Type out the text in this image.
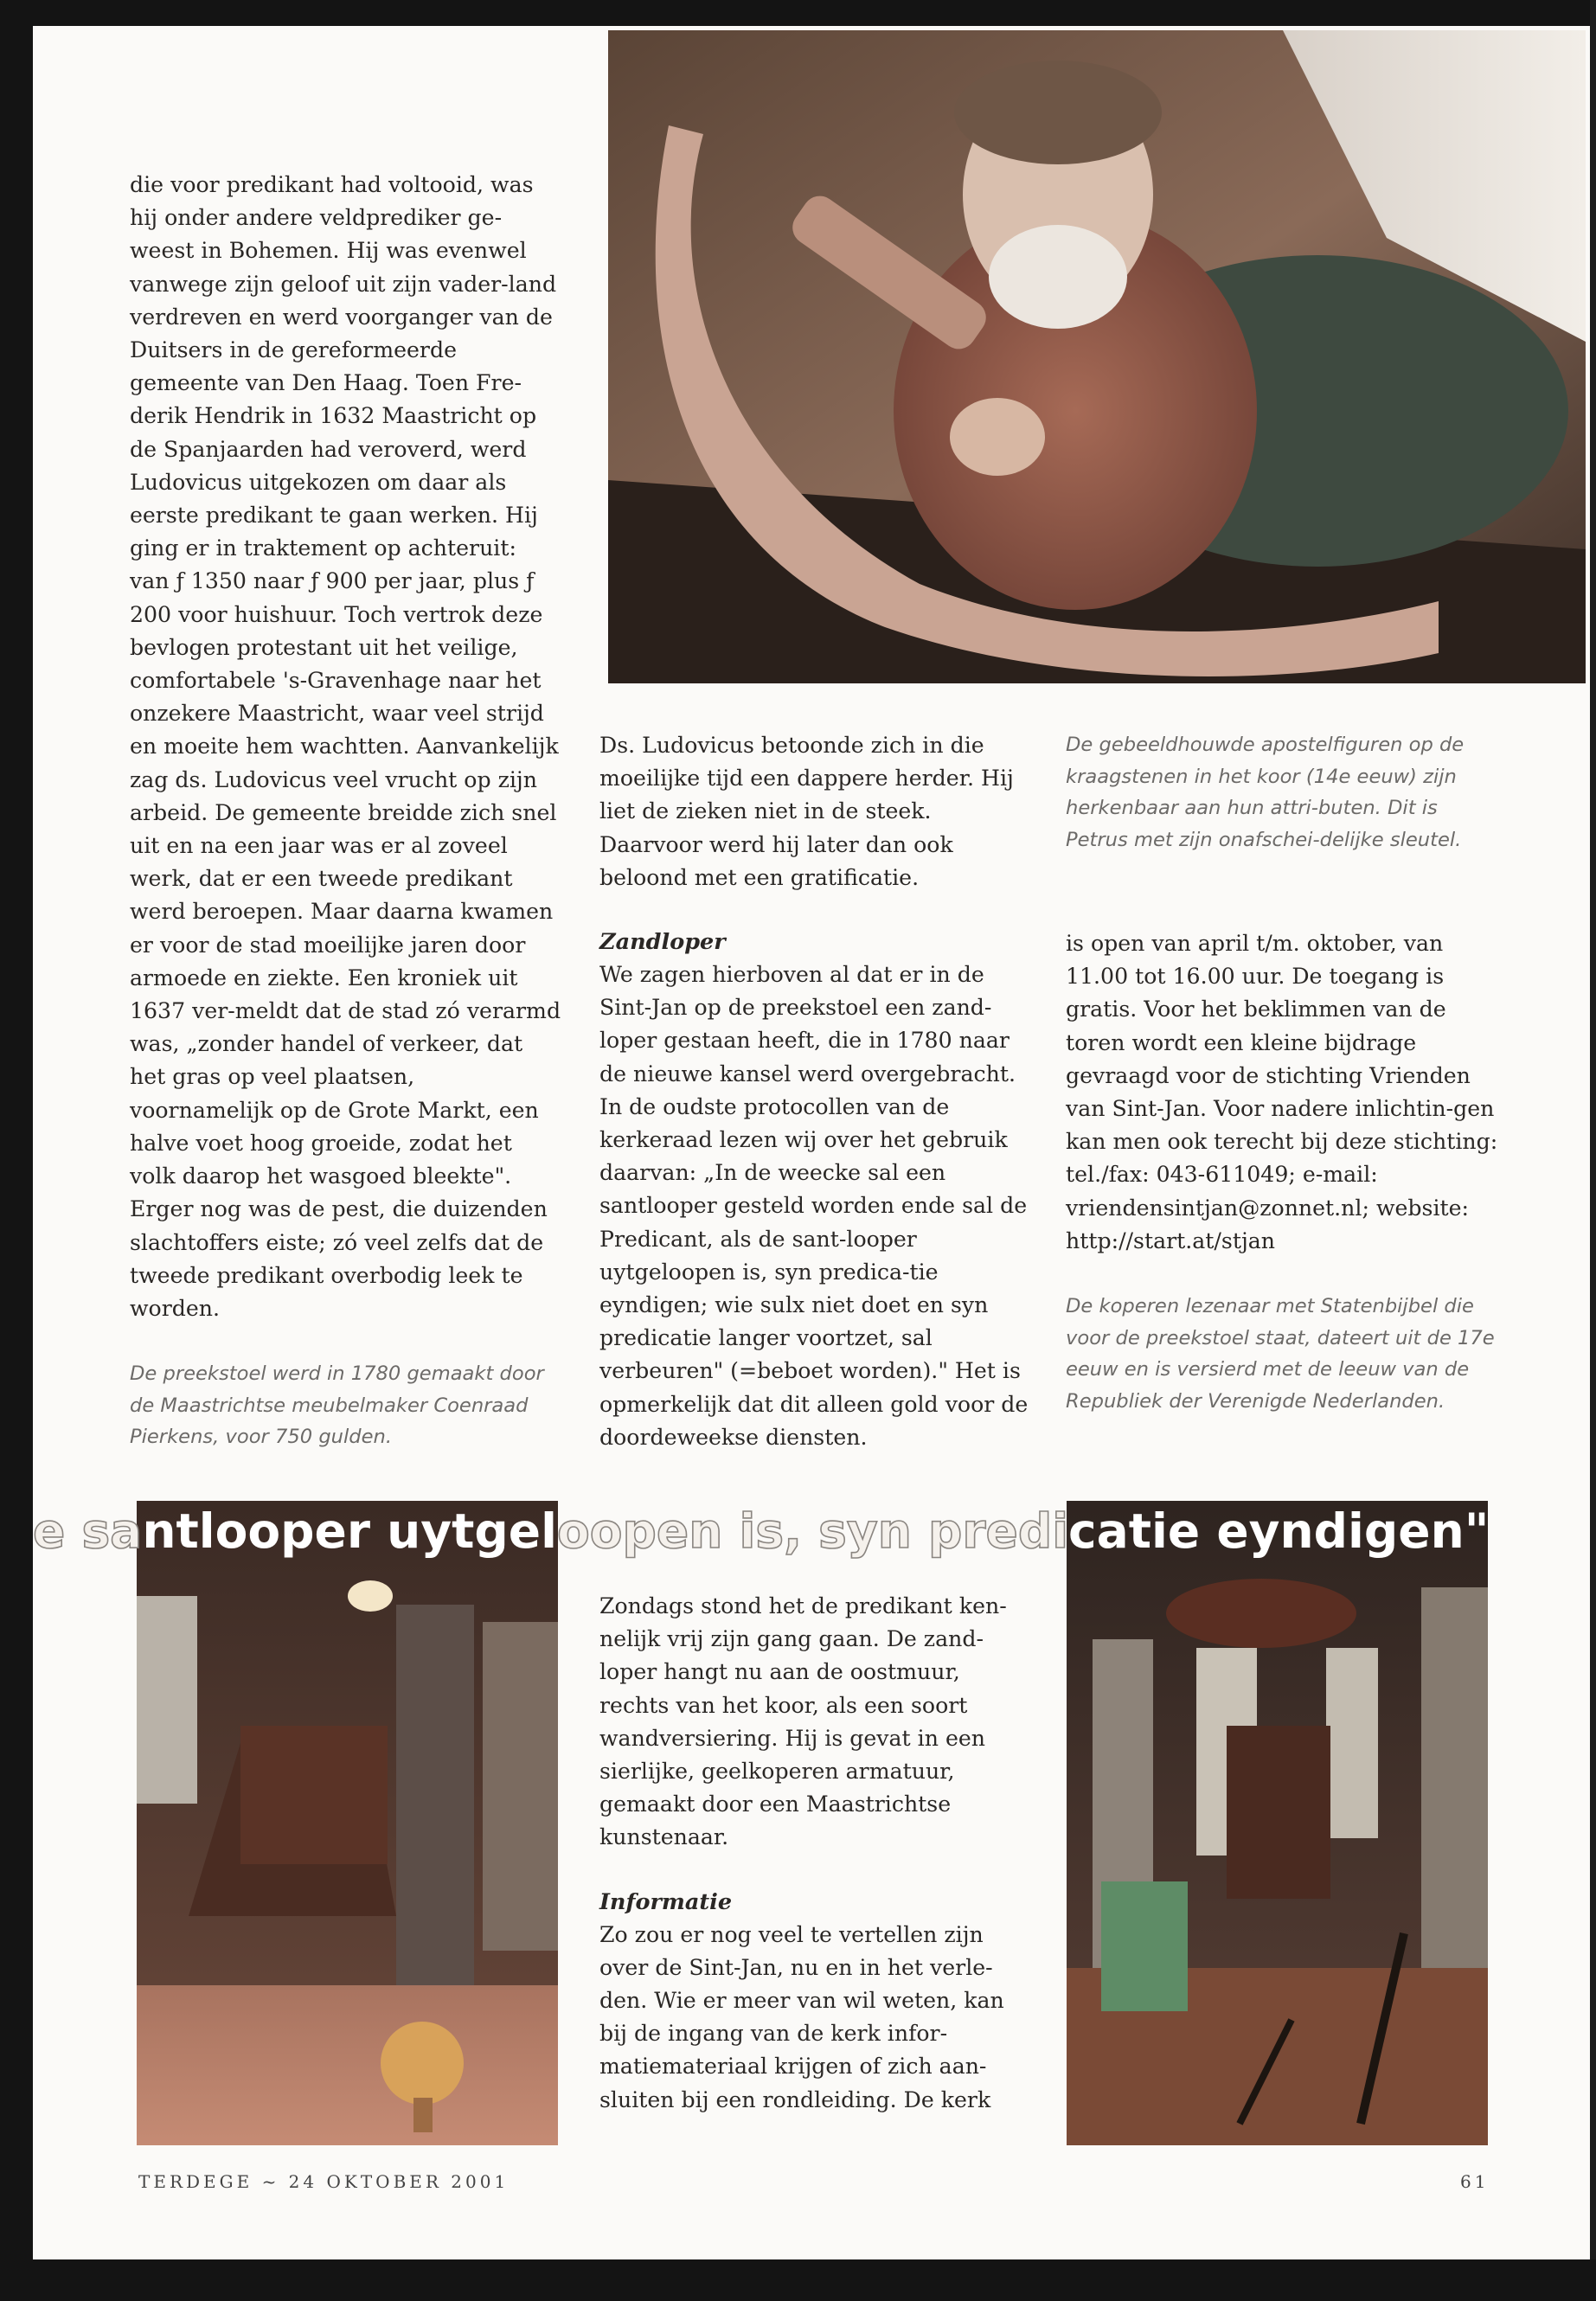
die voor predikant had voltooid, was hij onder andere veldprediker ge-weest in Bohemen. Hij was evenwel vanwege zijn geloof uit zijn vader-land verdreven en werd voorganger van de Duitsers in de gereformeerde gemeente van Den Haag. Toen Fre-derik Hendrik in 1632 Maastricht op de Spanjaarden had veroverd, werd Ludovicus uitgekozen om daar als eerste predikant te gaan werken. Hij ging er in traktement op achteruit: van ƒ 1350 naar ƒ 900 per jaar, plus ƒ 200 voor huishuur. Toch vertrok deze bevlogen protestant uit het veilige, comfortabele 's-Gravenhage naar het onzekere Maastricht, waar veel strijd en moeite hem wachtten. Aanvankelijk zag ds. Ludovicus veel vrucht op zijn arbeid. De gemeente breidde zich snel uit en na een jaar was er al zoveel werk, dat er een tweede predikant werd beroepen. Maar daarna kwamen er voor de stad moeilijke jaren door armoede en ziekte. Een kroniek uit 1637 ver-meldt dat de stad zó verarmd was, „zonder handel of verkeer, dat het gras op veel plaatsen, voornamelijk op de Grote Markt, een halve voet hoog groeide, zodat het volk daarop het wasgoed bleekte". Erger nog was de pest, die duizenden slachtoffers eiste; zó veel zelfs dat de tweede predikant overbodig leek te worden.

De preekstoel werd in 1780 gemaakt door de Maastrichtse meubelmaker Coenraad Pierkens, voor 750 gulden.

Ds. Ludovicus betoonde zich in die moeilijke tijd een dappere herder. Hij liet de zieken niet in de steek. Daarvoor werd hij later dan ook beloond met een gratificatie.

Zandloper

We zagen hierboven al dat er in de Sint-Jan op de preekstoel een zand-loper gestaan heeft, die in 1780 naar de nieuwe kansel werd overgebracht. In de oudste protocollen van de kerkeraad lezen wij over het gebruik daarvan: „In de weecke sal een santlooper gesteld worden ende sal de Predicant, als de sant-looper uytgeloopen is, syn predica-tie eyndigen; wie sulx niet doet en syn predicatie langer voortzet, sal verbeuren" (=beboet worden)." Het is opmerkelijk dat dit alleen gold voor de doordeweekse diensten.

Zondags stond het de predikant ken-nelijk vrij zijn gang gaan. De zand-loper hangt nu aan de oostmuur, rechts van het koor, als een soort wandversiering. Hij is gevat in een sierlijke, geelkoperen armatuur, gemaakt door een Maastrichtse kunstenaar.

Informatie

Zo zou er nog veel te vertellen zijn over de Sint-Jan, nu en in het verle-den. Wie er meer van wil weten, kan bij de ingang van de kerk infor-matiemateriaal krijgen of zich aan-sluiten bij een rondleiding. De kerk

De gebeeldhouwde apostelfiguren op de kraagstenen in het koor (14e eeuw) zijn herkenbaar aan hun attri-buten. Dit is Petrus met zijn onafschei-delijke sleutel.

is open van april t/m. oktober, van 11.00 tot 16.00 uur. De toegang is gratis. Voor het beklimmen van de toren wordt een kleine bijdrage gevraagd voor de stichting Vrienden van Sint-Jan. Voor nadere inlichtin-gen kan men ook terecht bij deze stichting: tel./fax: 043-611049; e-mail: vriendensintjan@zonnet.nl; website: http://start.at/stjan

De koperen lezenaar met Statenbijbel die voor de preekstoel staat, dateert uit de 17e eeuw en is versierd met de leeuw van de Republiek der Verenigde Nederlanden.
e santlooper uytgeloopen is, syn predicatie eyndigen"
TERDEGE ~ 24 OKTOBER 2001	61
